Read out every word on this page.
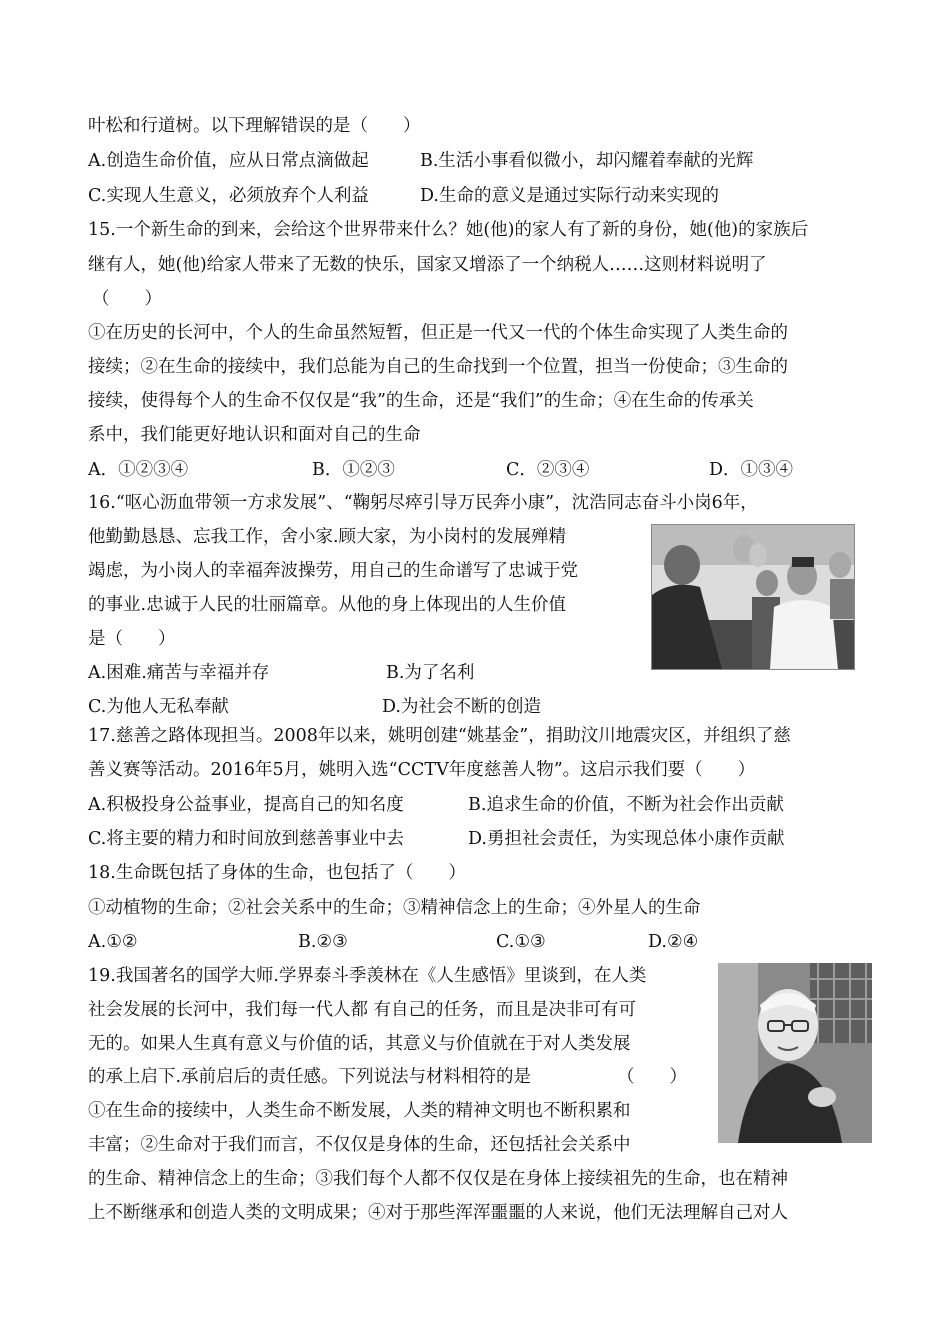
叶松和行道树。以下理解错误的是（　　）
A.创造生命价值，应从日常点滴做起	B.生活小事看似微小，却闪耀着奉献的光辉
C.实现人生意义，必须放弃个人利益	D.生命的意义是通过实际行动来实现的
15.一个新生命的到来，会给这个世界带来什么？她(他)的家人有了新的身份，她(他)的家族后
继有人，她(他)给家人带来了无数的快乐，国家又增添了一个纳税人……这则材料说明了
（　　）
①在历史的长河中，个人的生命虽然短暂，但正是一代又一代的个体生命实现了人类生命的
接续；②在生命的接续中，我们总能为自己的生命找到一个位置，担当一份使命；③生命的
接续，使得每个人的生命不仅仅是“我”的生命，还是“我们”的生命；④在生命的传承关
系中，我们能更好地认识和面对自己的生命
A．①②③④	B．①②③	C．②③④	D．①③④
16.“呕心沥血带领一方求发展”、“鞠躬尽瘁引导万民奔小康”，沈浩同志奋斗小岗6年，
他勤勤恳恳、忘我工作，舍小家.顾大家，为小岗村的发展殚精
竭虑，为小岗人的幸福奔波操劳，用自己的生命谱写了忠诚于党
的事业.忠诚于人民的壮丽篇章。从他的身上体现出的人生价值
是（　　）
A.困难.痛苦与幸福并存	B.为了名利
C.为他人无私奉献	D.为社会不断的创造
17.慈善之路体现担当。2008年以来，姚明创建“姚基金”，捐助汶川地震灾区，并组织了慈
善义赛等活动。2016年5月，姚明入选“CCTV年度慈善人物”。这启示我们要（　　）
A.积极投身公益事业，提高自己的知名度	B.追求生命的价值，不断为社会作出贡献
C.将主要的精力和时间放到慈善事业中去	D.勇担社会责任，为实现总体小康作贡献
18.生命既包括了身体的生命，也包括了（　　）
①动植物的生命；②社会关系中的生命；③精神信念上的生命；④外星人的生命
A.①②	B.②③	C.①③	D.②④
19.我国著名的国学大师.学界泰斗季羡林在《人生感悟》里谈到，在人类
社会发展的长河中，我们每一代人都 有自己的任务，而且是决非可有可
无的。如果人生真有意义与价值的话，其意义与价值就在于对人类发展
的承上启下.承前启后的责任感。下列说法与材料相符的是	（　　）
①在生命的接续中，人类生命不断发展，人类的精神文明也不断积累和
丰富；②生命对于我们而言，不仅仅是身体的生命，还包括社会关系中
的生命、精神信念上的生命；③我们每个人都不仅仅是在身体上接续祖先的生命，也在精神
上不断继承和创造人类的文明成果；④对于那些浑浑噩噩的人来说，他们无法理解自己对人
